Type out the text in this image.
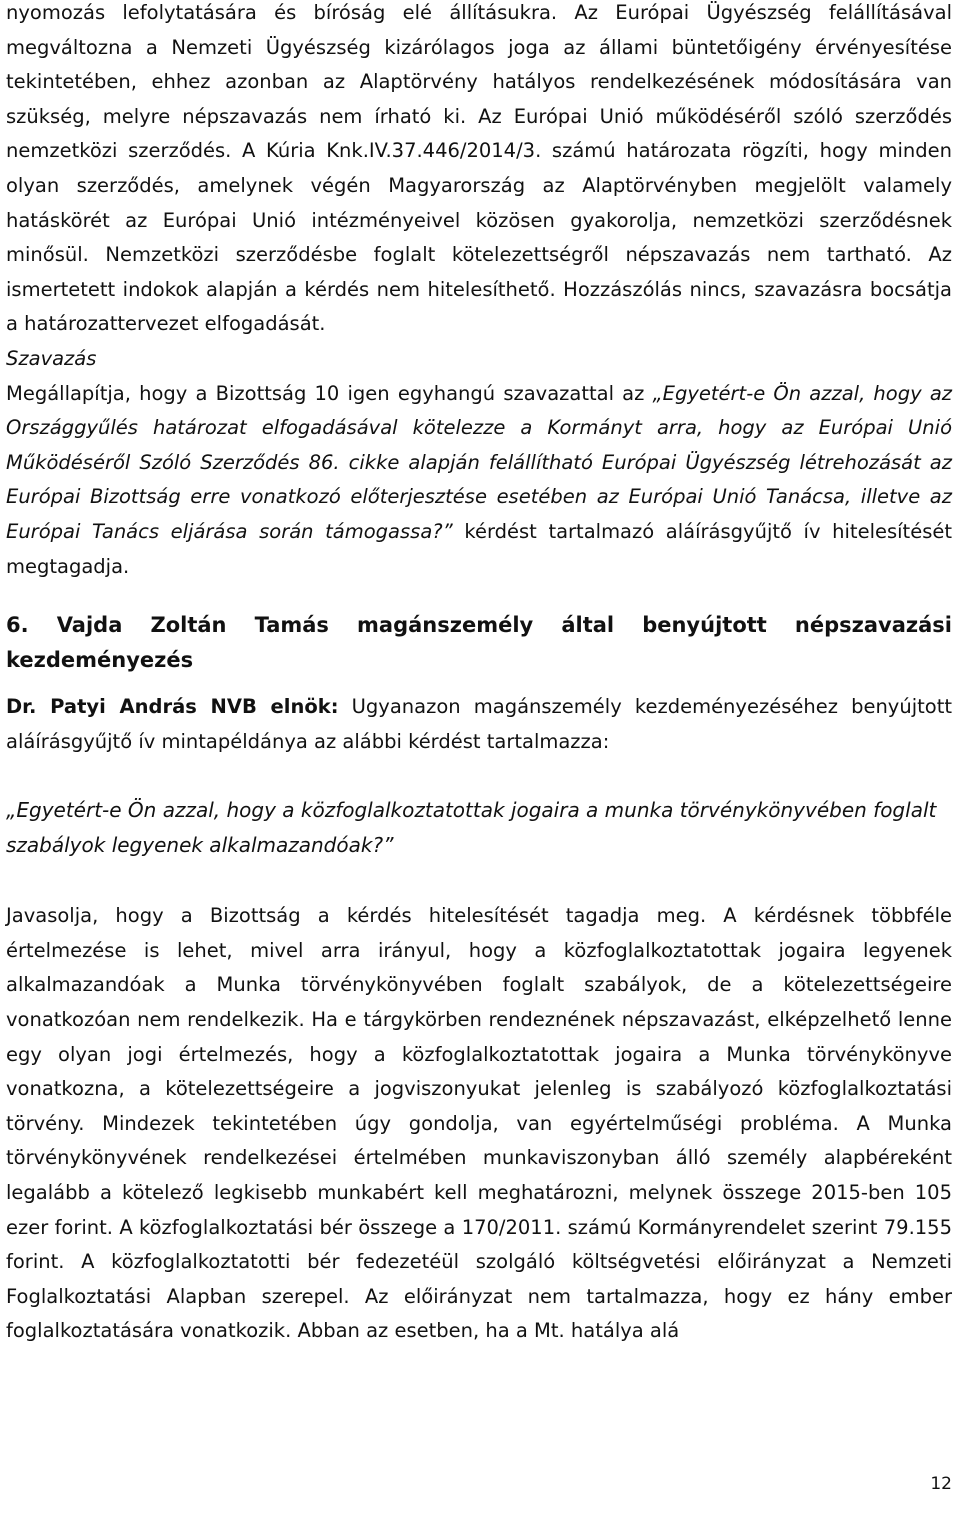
nyomozás lefolytatására és bíróság elé állításukra. Az Európai Ügyészség felállításával megváltozna a Nemzeti Ügyészség kizárólagos joga az állami büntetőigény érvényesítése tekintetében, ehhez azonban az Alaptörvény hatályos rendelkezésének módosítására van szükség, melyre népszavazás nem írható ki. Az Európai Unió működéséről szóló szerződés nemzetközi szerződés. A Kúria Knk.IV.37.446/2014/3. számú határozata rögzíti, hogy minden olyan szerződés, amelynek végén Magyarország az Alaptörvényben megjelölt valamely hatáskörét az Európai Unió intézményeivel közösen gyakorolja, nemzetközi szerződésnek minősül. Nemzetközi szerződésbe foglalt kötelezettségről népszavazás nem tartható. Az ismertetett indokok alapján a kérdés nem hitelesíthető. Hozzászólás nincs, szavazásra bocsátja a határozattervezet elfogadását.

Szavazás

Megállapítja, hogy a Bizottság 10 igen egyhangú szavazattal az „Egyetért-e Ön azzal, hogy az Országgyűlés határozat elfogadásával kötelezze a Kormányt arra, hogy az Európai Unió Működéséről Szóló Szerződés 86. cikke alapján felállítható Európai Ügyészség létrehozását az Európai Bizottság erre vonatkozó előterjesztése esetében az Európai Unió Tanácsa, illetve az Európai Tanács eljárása során támogassa?” kérdést tartalmazó aláírásgyűjtő ív hitelesítését megtagadja.

6. Vajda Zoltán Tamás magánszemély által benyújtott népszavazási kezdeményezés

Dr. Patyi András NVB elnök: Ugyanazon magánszemély kezdeményezéséhez benyújtott aláírásgyűjtő ív mintapéldánya az alábbi kérdést tartalmazza:

„Egyetért-e Ön azzal, hogy a közfoglalkoztatottak jogaira a munka törvénykönyvében foglalt szabályok legyenek alkalmazandóak?”

Javasolja, hogy a Bizottság a kérdés hitelesítését tagadja meg. A kérdésnek többféle értelmezése is lehet, mivel arra irányul, hogy a közfoglalkoztatottak jogaira legyenek alkalmazandóak a Munka törvénykönyvében foglalt szabályok, de a kötelezettségeire vonatkozóan nem rendelkezik. Ha e tárgykörben rendeznének népszavazást, elképzelhető lenne egy olyan jogi értelmezés, hogy a közfoglalkoztatottak jogaira a Munka törvénykönyve vonatkozna, a kötelezettségeire a jogviszonyukat jelenleg is szabályozó közfoglalkoztatási törvény. Mindezek tekintetében úgy gondolja, van egyértelműségi probléma. A Munka törvénykönyvének rendelkezései értelmében munkaviszonyban álló személy alapbéreként legalább a kötelező legkisebb munkabért kell meghatározni, melynek összege 2015-ben 105 ezer forint. A közfoglalkoztatási bér összege a 170/2011. számú Kormányrendelet szerint 79.155 forint. A közfoglalkoztatotti bér fedezetéül szolgáló költségvetési előirányzat a Nemzeti Foglalkoztatási Alapban szerepel. Az előirányzat nem tartalmazza, hogy ez hány ember foglalkoztatására vonatkozik. Abban az esetben, ha a Mt. hatálya alá

12
